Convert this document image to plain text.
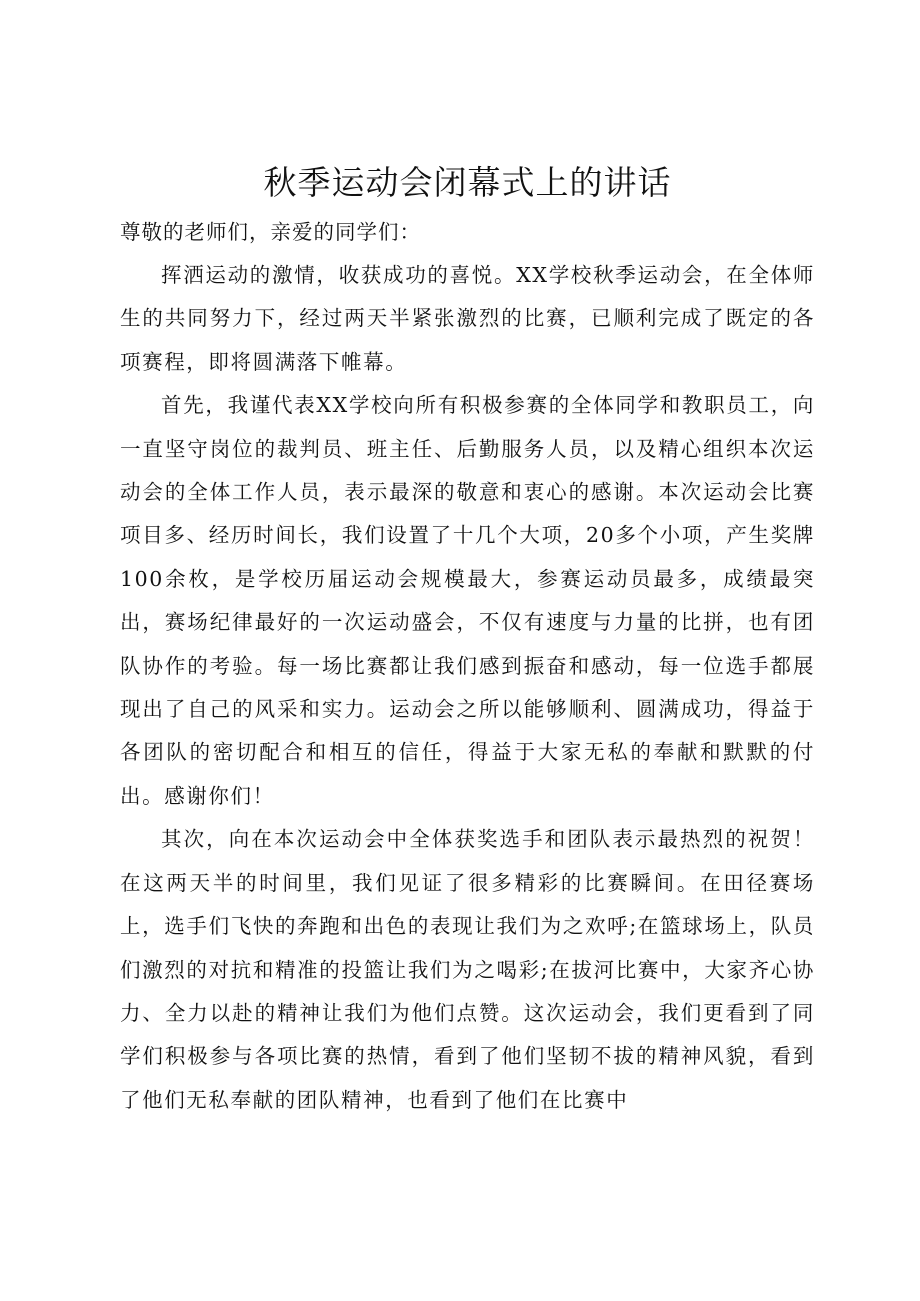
秋季运动会闭幕式上的讲话

尊敬的老师们，亲爱的同学们：

挥洒运动的激情，收获成功的喜悦。XX学校秋季运动会，在全体师生的共同努力下，经过两天半紧张激烈的比赛，已顺利完成了既定的各项赛程，即将圆满落下帷幕。

首先，我谨代表XX学校向所有积极参赛的全体同学和教职员工，向一直坚守岗位的裁判员、班主任、后勤服务人员，以及精心组织本次运动会的全体工作人员，表示最深的敬意和衷心的感谢。本次运动会比赛项目多、经历时间长，我们设置了十几个大项，20多个小项，产生奖牌100余枚，是学校历届运动会规模最大，参赛运动员最多，成绩最突出，赛场纪律最好的一次运动盛会，不仅有速度与力量的比拼，也有团队协作的考验。每一场比赛都让我们感到振奋和感动，每一位选手都展现出了自己的风采和实力。运动会之所以能够顺利、圆满成功，得益于各团队的密切配合和相互的信任，得益于大家无私的奉献和默默的付出。感谢你们！

其次，向在本次运动会中全体获奖选手和团队表示最热烈的祝贺！在这两天半的时间里，我们见证了很多精彩的比赛瞬间。在田径赛场上，选手们飞快的奔跑和出色的表现让我们为之欢呼;在篮球场上，队员们激烈的对抗和精准的投篮让我们为之喝彩;在拔河比赛中，大家齐心协力、全力以赴的精神让我们为他们点赞。这次运动会，我们更看到了同学们积极参与各项比赛的热情，看到了他们坚韧不拔的精神风貌，看到了他们无私奉献的团队精神，也看到了他们在比赛中
